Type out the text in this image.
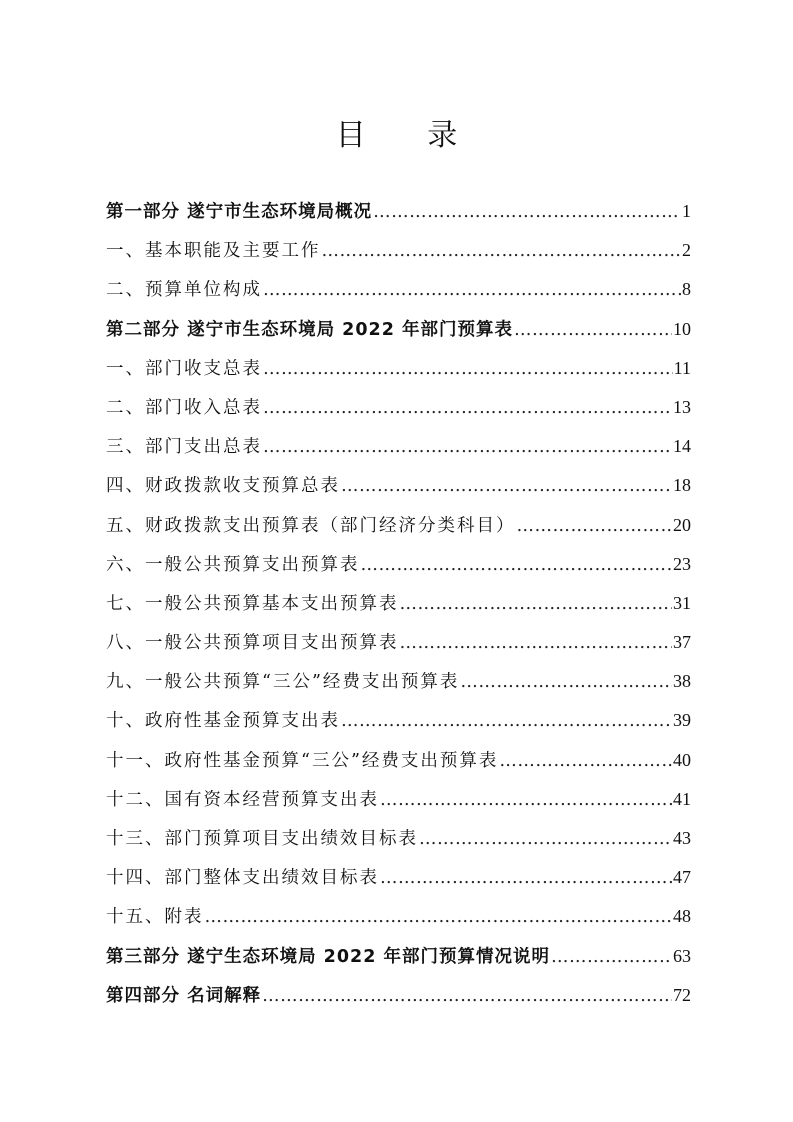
目 录
第一部分 遂宁市生态环境局概况 …………………………………………………………………………………………………………………………………………	1
一、基本职能及主要工作 …………………………………………………………………………………………………………………………………………	2
二、预算单位构成 …………………………………………………………………………………………………………………………………………	8
第二部分 遂宁市生态环境局 2022 年部门预算表 …………………………………………………………………………………………………………………………………………	10
一、部门收支总表 …………………………………………………………………………………………………………………………………………	11
二、部门收入总表 …………………………………………………………………………………………………………………………………………	13
三、部门支出总表 …………………………………………………………………………………………………………………………………………	14
四、财政拨款收支预算总表 …………………………………………………………………………………………………………………………………………	18
五、财政拨款支出预算表（部门经济分类科目） …………………………………………………………………………………………………………………………………………	20
六、一般公共预算支出预算表 …………………………………………………………………………………………………………………………………………	23
七、一般公共预算基本支出预算表 …………………………………………………………………………………………………………………………………………	31
八、一般公共预算项目支出预算表 …………………………………………………………………………………………………………………………………………	37
九、一般公共预算“三公”经费支出预算表 …………………………………………………………………………………………………………………………………………	38
十、政府性基金预算支出表 …………………………………………………………………………………………………………………………………………	39
十一、政府性基金预算“三公”经费支出预算表 …………………………………………………………………………………………………………………………………………	40
十二、国有资本经营预算支出表 …………………………………………………………………………………………………………………………………………	41
十三、部门预算项目支出绩效目标表 …………………………………………………………………………………………………………………………………………	43
十四、部门整体支出绩效目标表 …………………………………………………………………………………………………………………………………………	47
十五、附表 …………………………………………………………………………………………………………………………………………	48
第三部分 遂宁生态环境局 2022 年部门预算情况说明 …………………………………………………………………………………………………………………………………………	63
第四部分 名词解释 …………………………………………………………………………………………………………………………………………	72
